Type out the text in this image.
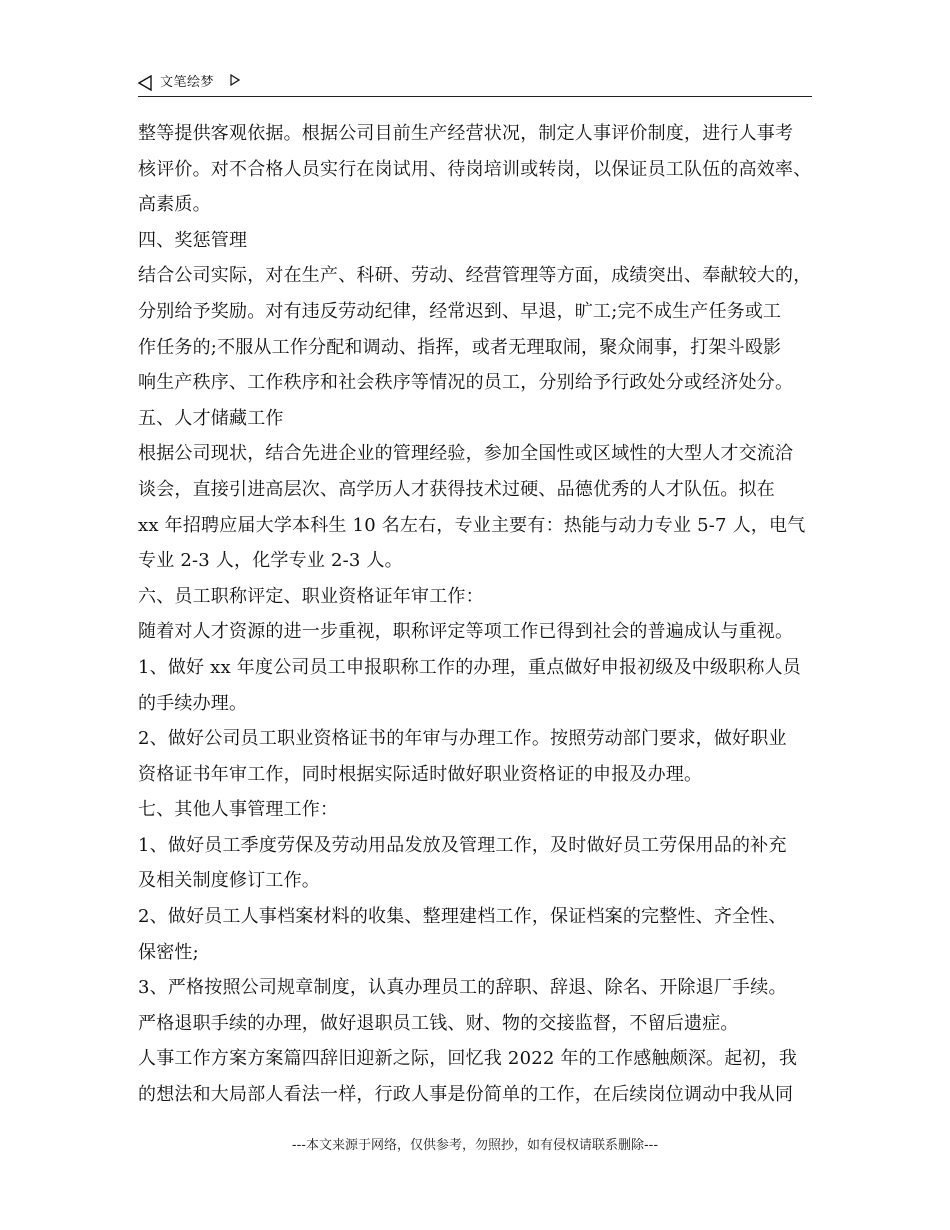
文笔绘梦
整等提供客观依据。根据公司目前生产经营状况，制定人事评价制度，进行人事考
核评价。对不合格人员实行在岗试用、待岗培训或转岗，以保证员工队伍的高效率、
高素质。
四、奖惩管理
结合公司实际，对在生产、科研、劳动、经营管理等方面，成绩突出、奉献较大的，
分别给予奖励。对有违反劳动纪律，经常迟到、早退，旷工;完不成生产任务或工
作任务的;不服从工作分配和调动、指挥，或者无理取闹，聚众闹事，打架斗殴影
响生产秩序、工作秩序和社会秩序等情况的员工，分别给予行政处分或经济处分。
五、人才储藏工作
根据公司现状，结合先进企业的管理经验，参加全国性或区域性的大型人才交流洽
谈会，直接引进高层次、高学历人才获得技术过硬、品德优秀的人才队伍。拟在
xx 年招聘应届大学本科生 10 名左右，专业主要有：热能与动力专业 5-7 人，电气
专业 2-3 人，化学专业 2-3 人。
六、员工职称评定、职业资格证年审工作：
随着对人才资源的进一步重视，职称评定等项工作已得到社会的普遍成认与重视。
1、做好 xx 年度公司员工申报职称工作的办理，重点做好申报初级及中级职称人员
的手续办理。
2、做好公司员工职业资格证书的年审与办理工作。按照劳动部门要求，做好职业
资格证书年审工作，同时根据实际适时做好职业资格证的申报及办理。
七、其他人事管理工作：
1、做好员工季度劳保及劳动用品发放及管理工作，及时做好员工劳保用品的补充
及相关制度修订工作。
2、做好员工人事档案材料的收集、整理建档工作，保证档案的完整性、齐全性、
保密性;
3、严格按照公司规章制度，认真办理员工的辞职、辞退、除名、开除退厂手续。
严格退职手续的办理，做好退职员工钱、财、物的交接监督，不留后遗症。
人事工作方案方案篇四辞旧迎新之际，回忆我 2022 年的工作感触颇深。起初，我
的想法和大局部人看法一样，行政人事是份简单的工作，在后续岗位调动中我从同
---本文来源于网络，仅供参考，勿照抄，如有侵权请联系删除---
